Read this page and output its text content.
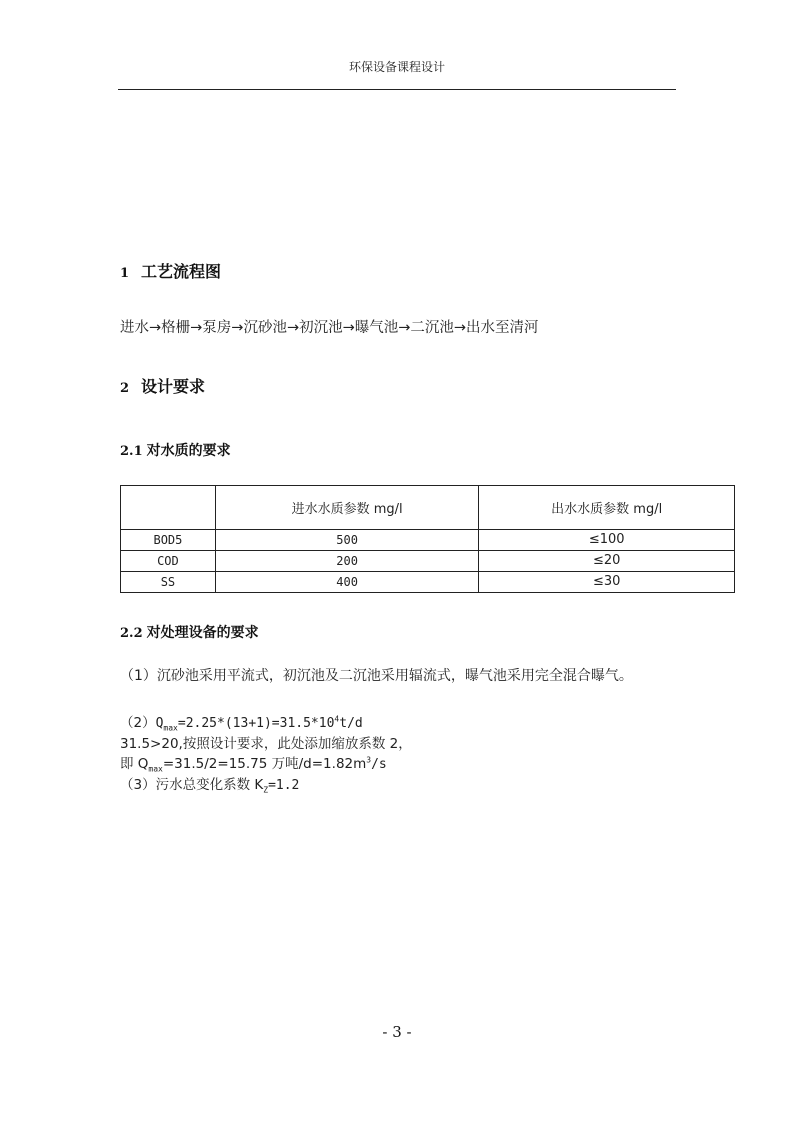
环保设备课程设计
1 工艺流程图
进水→格栅→泵房→沉砂池→初沉池→曝气池→二沉池→出水至清河
2 设计要求
2.1 对水质的要求
	进水水质参数 mg/l	出水水质参数 mg/l
BOD5	500	≤100
COD	200	≤20
SS	400	≤30
2.2 对处理设备的要求
（1）沉砂池采用平流式，初沉池及二沉池采用辐流式，曝气池采用完全混合曝气。
$(2)Q_{max}=2.25*(13+1)=31.5*10^4t/d$
31.5>20,按照设计要求，此处添加缩放系数 2，
即 $Q_{max}=31.5/2=15.75$ 万吨$/d=1.82m^3/s$
（3）污水总变化系数 $K_Z=1.2$
- 3 -
